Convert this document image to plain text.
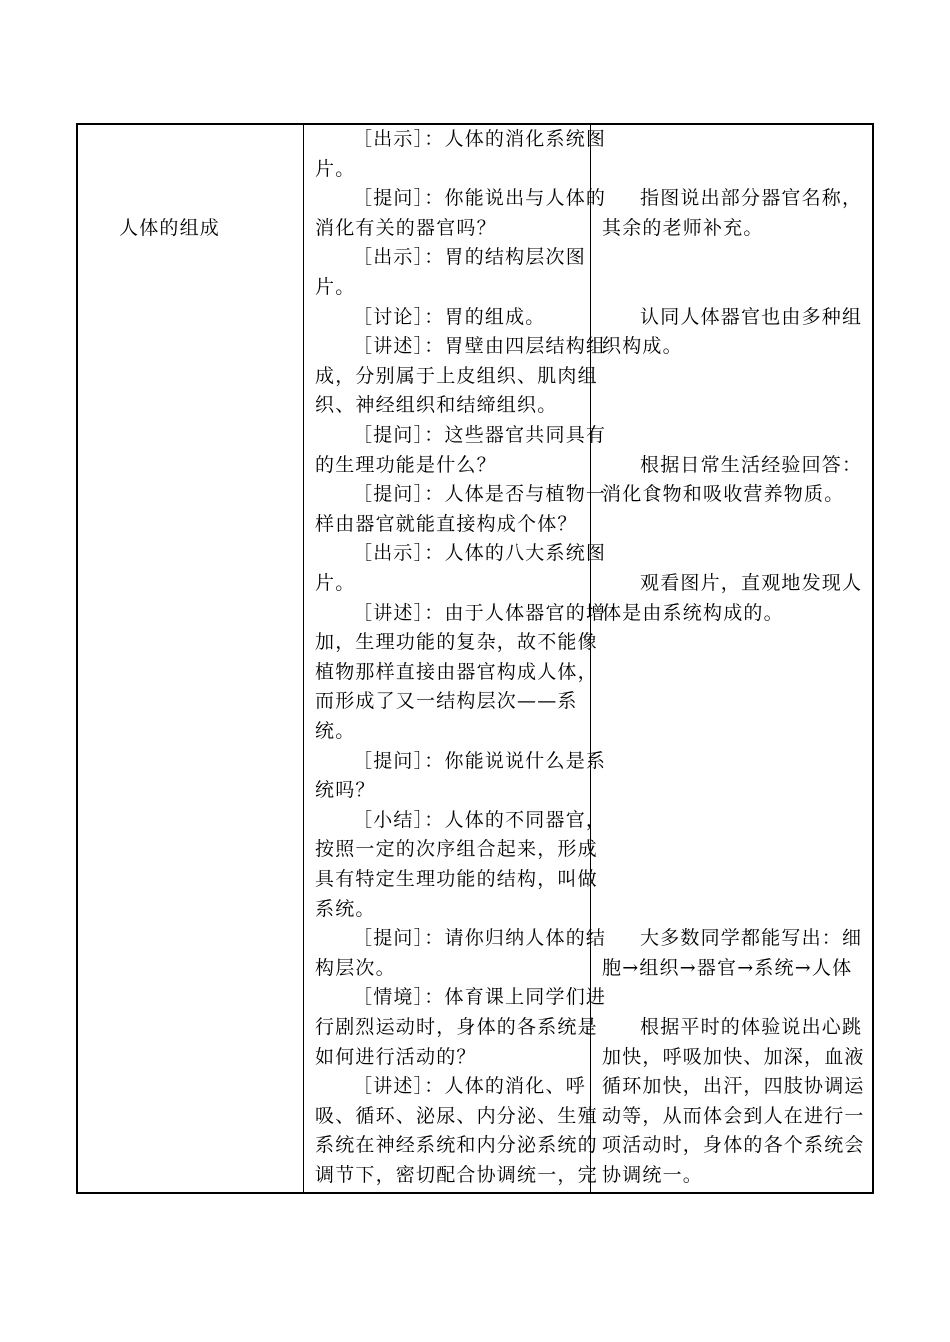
人体的组成
［出示］：人体的消化系统图
片。
［提问］：你能说出与人体的
消化有关的器官吗？
［出示］：胃的结构层次图
片。
［讨论］：胃的组成。
［讲述］：胃壁由四层结构组
成，分别属于上皮组织、肌肉组
织、神经组织和结缔组织。
［提问］：这些器官共同具有
的生理功能是什么？
［提问］：人体是否与植物一
样由器官就能直接构成个体？
［出示］：人体的八大系统图
片。
［讲述］：由于人体器官的增
加，生理功能的复杂，故不能像
植物那样直接由器官构成人体，
而形成了又一结构层次——系
统。
［提问］：你能说说什么是系
统吗？
［小结］：人体的不同器官，
按照一定的次序组合起来，形成
具有特定生理功能的结构，叫做
系统。
［提问］：请你归纳人体的结
构层次。
［情境］：体育课上同学们进
行剧烈运动时，身体的各系统是
如何进行活动的？
［讲述］：人体的消化、呼
吸、循环、泌尿、内分泌、生殖
系统在神经系统和内分泌系统的
调节下，密切配合协调统一，完
指图说出部分器官名称，
其余的老师补充。
认同人体器官也由多种组
织构成。
根据日常生活经验回答：
消化食物和吸收营养物质。
观看图片，直观地发现人
体是由系统构成的。
大多数同学都能写出：细
胞→组织→器官→系统→人体
根据平时的体验说出心跳
加快，呼吸加快、加深，血液
循环加快，出汗，四肢协调运
动等，从而体会到人在进行一
项活动时，身体的各个系统会
协调统一。
